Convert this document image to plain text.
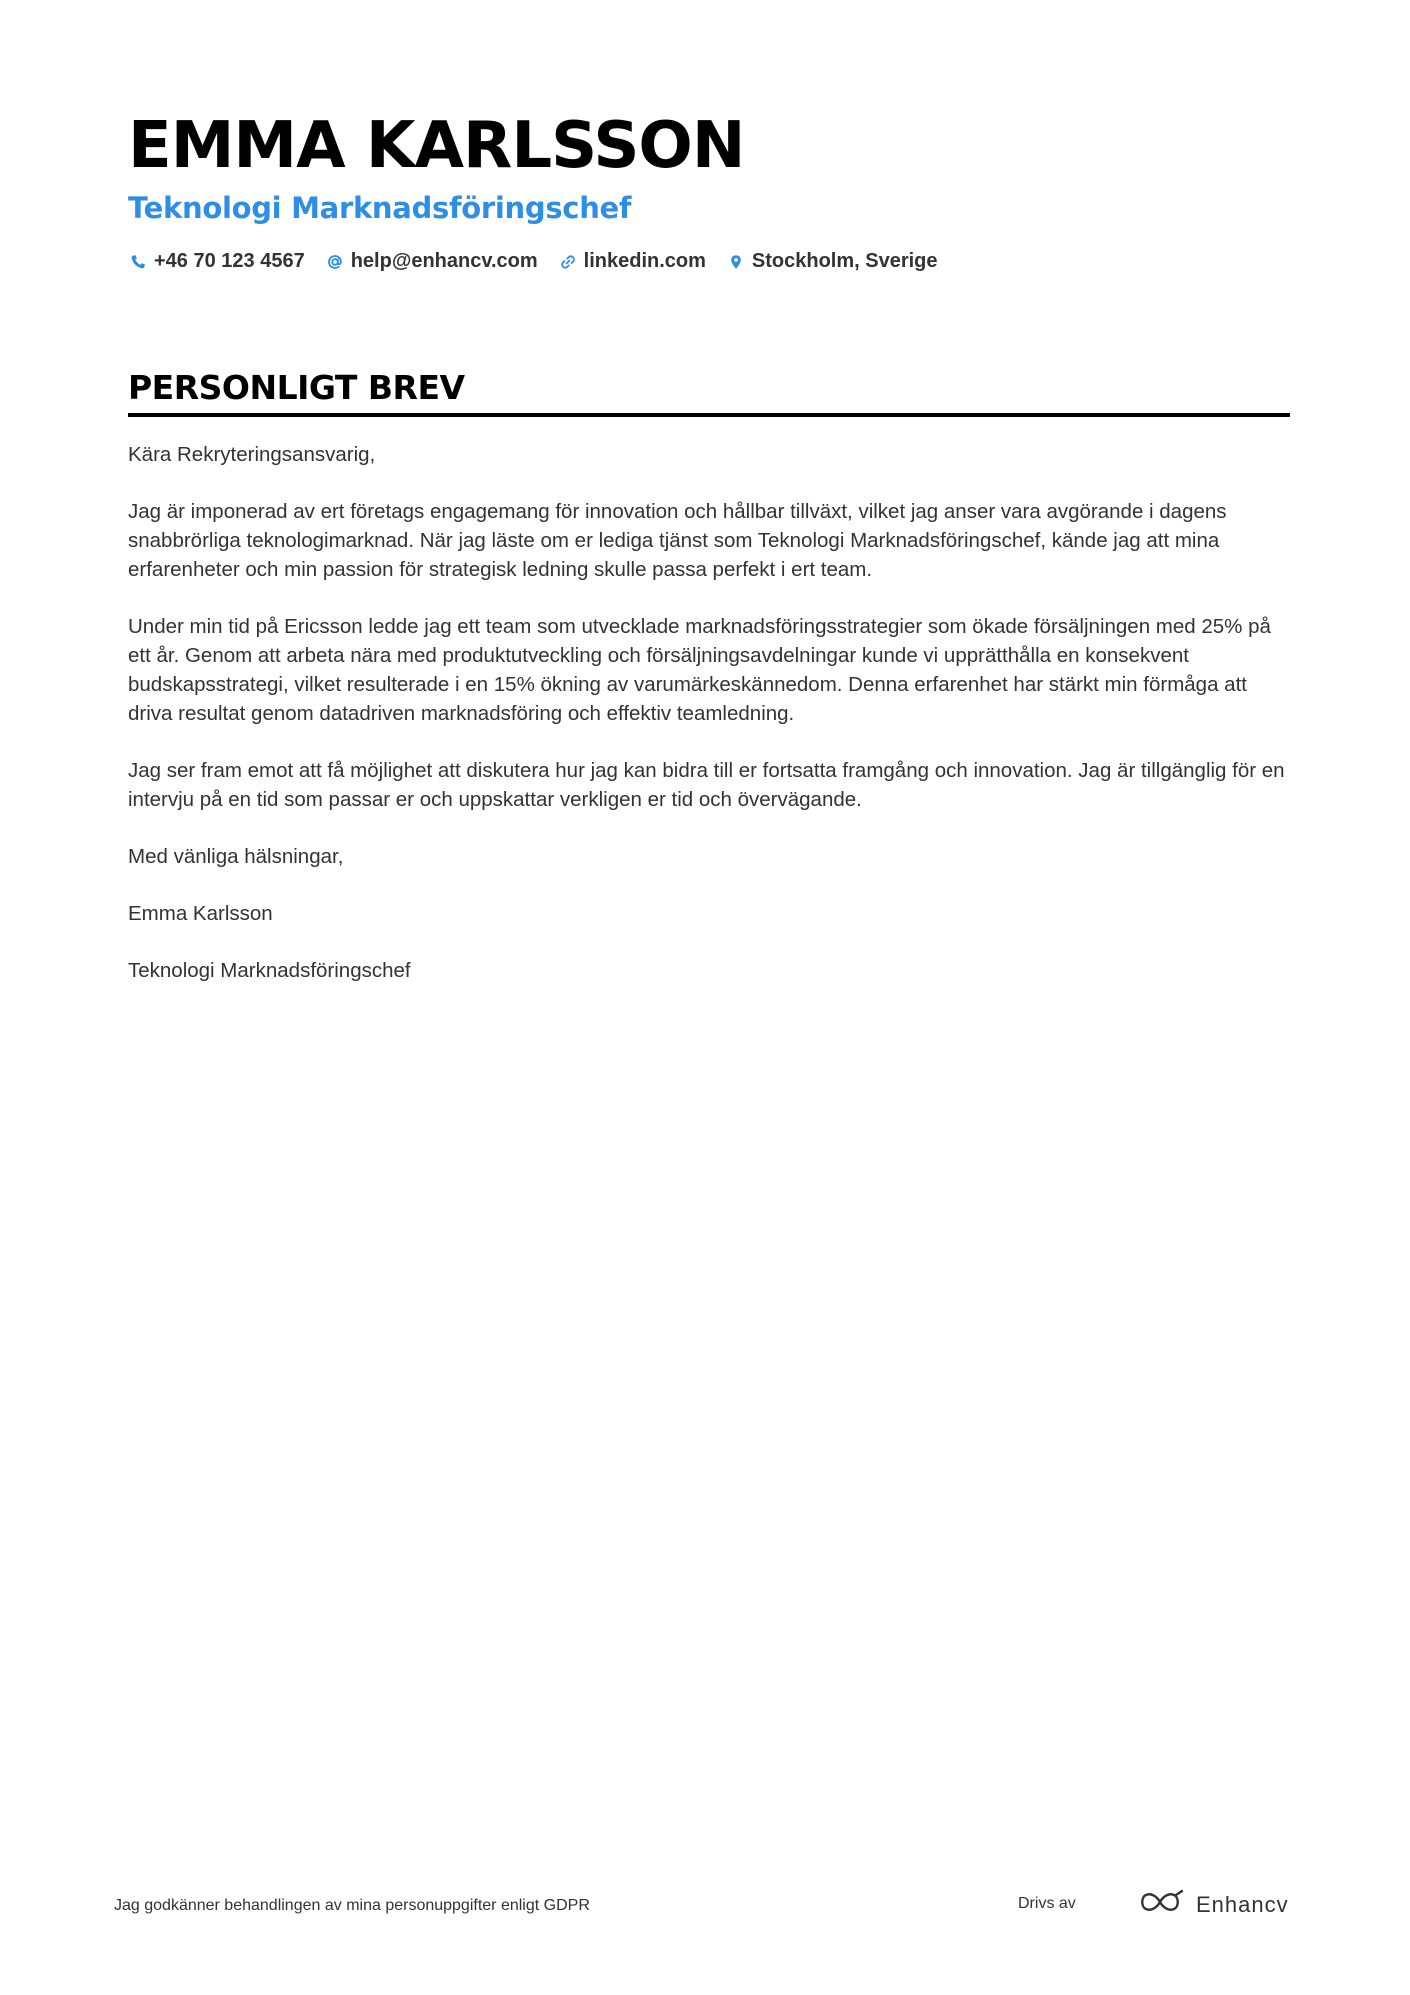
EMMA KARLSSON
Teknologi Marknadsföringschef
+46 70 123 4567 help@enhancv.com linkedin.com Stockholm, Sverige
PERSONLIGT BREV

Kära Rekryteringsansvarig,

Jag är imponerad av ert företags engagemang för innovation och hållbar tillväxt, vilket jag anser vara avgörande i dagens snabbrörliga teknologimarknad. När jag läste om er lediga tjänst som Teknologi Marknadsföringschef, kände jag att mina erfarenheter och min passion för strategisk ledning skulle passa perfekt i ert team.

Under min tid på Ericsson ledde jag ett team som utvecklade marknadsföringsstrategier som ökade försäljningen med 25% på ett år. Genom att arbeta nära med produktutveckling och försäljningsavdelningar kunde vi upprätthålla en konsekvent budskapsstrategi, vilket resulterade i en 15% ökning av varumärkeskännedom. Denna erfarenhet har stärkt min förmåga att driva resultat genom datadriven marknadsföring och effektiv teamledning.

Jag ser fram emot att få möjlighet att diskutera hur jag kan bidra till er fortsatta framgång och innovation. Jag är tillgänglig för en intervju på en tid som passar er och uppskattar verkligen er tid och övervägande.

Med vänliga hälsningar,

Emma Karlsson

Teknologi Marknadsföringschef

Jag godkänner behandlingen av mina personuppgifter enligt GDPR	Drivs av	Enhancv
